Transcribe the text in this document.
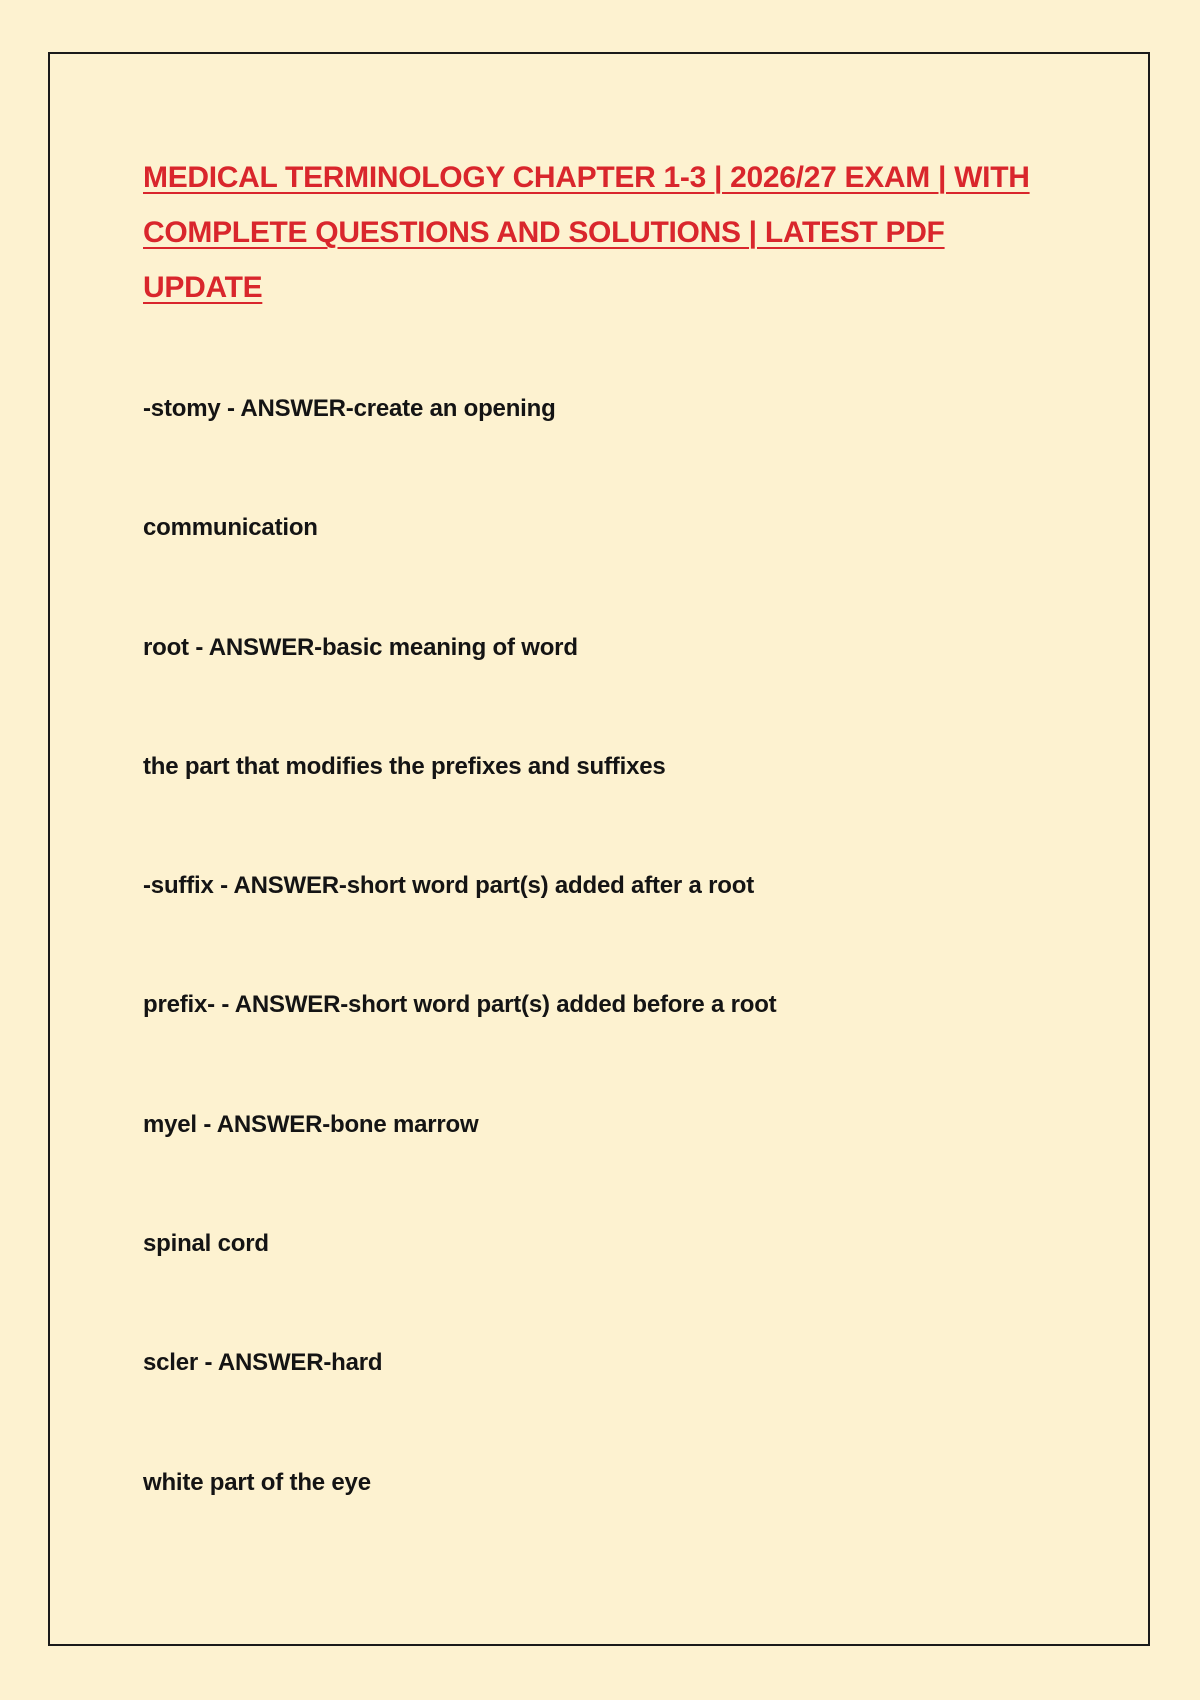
MEDICAL TERMINOLOGY CHAPTER 1-3 | 2026/27 EXAM | WITH COMPLETE QUESTIONS AND SOLUTIONS | LATEST PDF UPDATE
-stomy - ANSWER-create an opening
communication
root - ANSWER-basic meaning of word
the part that modifies the prefixes and suffixes
-suffix - ANSWER-short word part(s) added after a root
prefix- - ANSWER-short word part(s) added before a root
myel - ANSWER-bone marrow
spinal cord
scler - ANSWER-hard
white part of the eye
